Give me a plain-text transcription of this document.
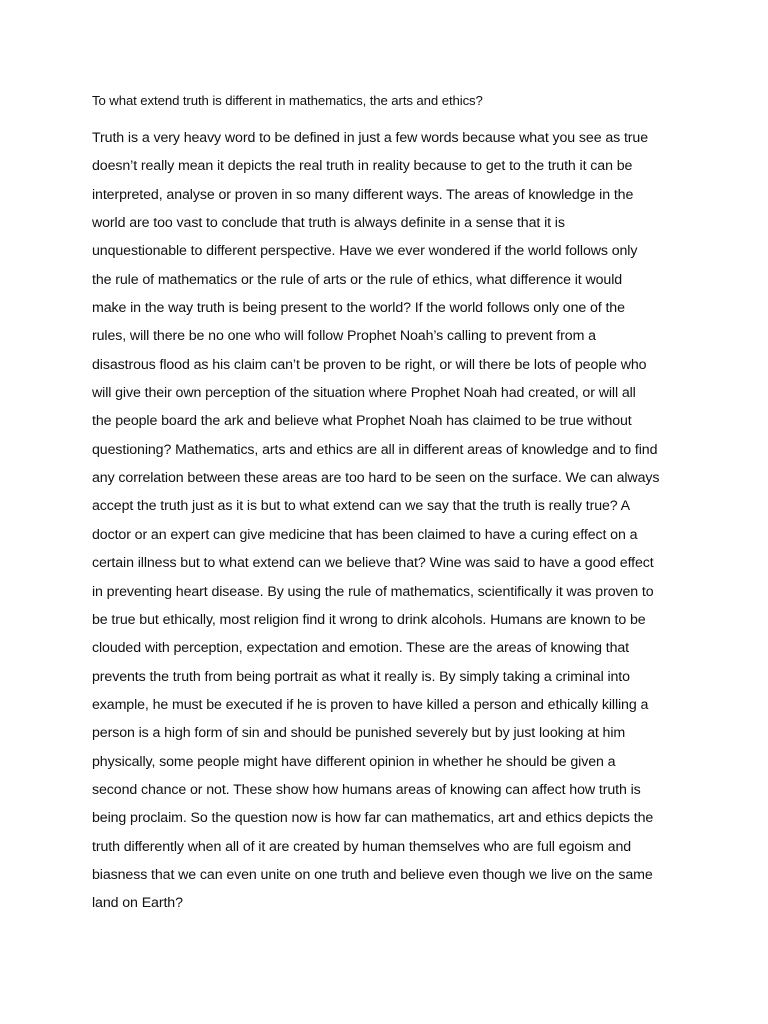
To what extend truth is different in mathematics, the arts and ethics?
Truth is a very heavy word to be defined in just a few words because what you see as true
doesn’t really mean it depicts the real truth in reality because to get to the truth it can be
interpreted, analyse or proven in so many different ways. The areas of knowledge in the
world are too vast to conclude that truth is always definite in a sense that it is
unquestionable to different perspective. Have we ever wondered if the world follows only
the rule of mathematics or the rule of arts or the rule of ethics, what difference it would
make in the way truth is being present to the world? If the world follows only one of the
rules, will there be no one who will follow Prophet Noah’s calling to prevent from a
disastrous flood as his claim can’t be proven to be right, or will there be lots of people who
will give their own perception of the situation where Prophet Noah had created, or will all
the people board the ark and believe what Prophet Noah has claimed to be true without
questioning? Mathematics, arts and ethics are all in different areas of knowledge and to find
any correlation between these areas are too hard to be seen on the surface. We can always
accept the truth just as it is but to what extend can we say that the truth is really true? A
doctor or an expert can give medicine that has been claimed to have a curing effect on a
certain illness but to what extend can we believe that? Wine was said to have a good effect
in preventing heart disease. By using the rule of mathematics, scientifically it was proven to
be true but ethically, most religion find it wrong to drink alcohols. Humans are known to be
clouded with perception, expectation and emotion. These are the areas of knowing that
prevents the truth from being portrait as what it really is. By simply taking a criminal into
example, he must be executed if he is proven to have killed a person and ethically killing a
person is a high form of sin and should be punished severely but by just looking at him
physically, some people might have different opinion in whether he should be given a
second chance or not. These show how humans areas of knowing can affect how truth is
being proclaim. So the question now is how far can mathematics, art and ethics depicts the
truth differently when all of it are created by human themselves who are full egoism and
biasness that we can even unite on one truth and believe even though we live on the same
land on Earth?
